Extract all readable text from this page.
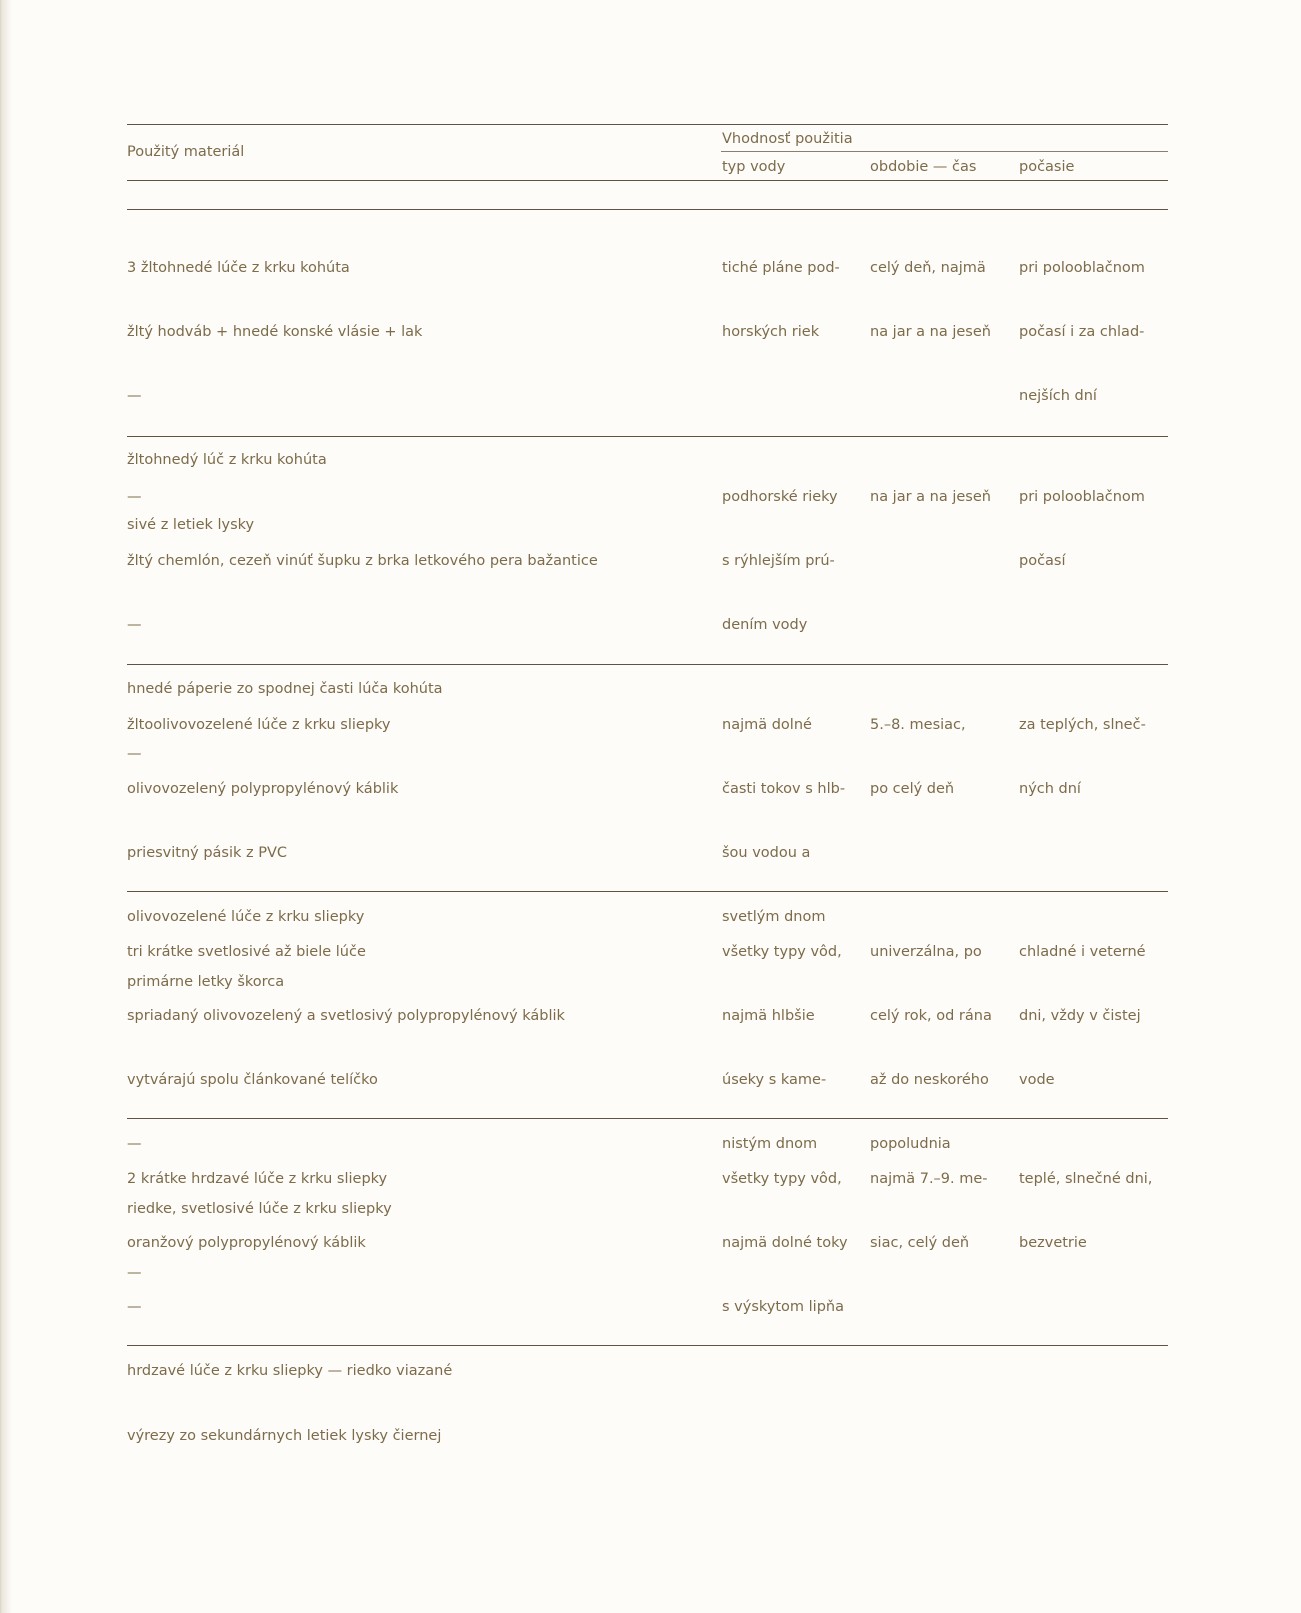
Použitý materiál
Vhodnosť použitia
typ vody	obdobie — čas	počasie

3 žltohnedé lúče z krku kohúta

žltý hodváb + hnedé konské vlásie + lak

—

žltohnedý lúč z krku kohúta

sivé z letiek lysky

tiché pláne pod-

horských riek

celý deň, najmä

na jar a na jeseň

pri polooblačnom

počasí i za chlad-

nejších dní

—

žltý chemlón, cezeň vinúť šupku z brka letkového pera bažantice

—

hnedé páperie zo spodnej časti lúča kohúta

—

podhorské rieky

s rýhlejším prú-

dením vody

na jar a na jeseň

pri polooblačnom

počasí

žltoolivovozelené lúče z krku sliepky

olivovozelený polypropylénový káblik

priesvitný pásik z PVC

olivovozelené lúče z krku sliepky

primárne letky škorca

najmä dolné

časti tokov s hlb-

šou vodou a

svetlým dnom

5.–8. mesiac,

po celý deň

za teplých, slneč-

ných dní

tri krátke svetlosivé až biele lúče

spriadaný olivovozelený a svetlosivý polypropylénový káblik

vytvárajú spolu článkované telíčko

—

riedke, svetlosivé lúče z krku sliepky

—

všetky typy vôd,

najmä hlbšie

úseky s kame-

nistým dnom

univerzálna, po

celý rok, od rána

až do neskorého

popoludnia

chladné i veterné

dni, vždy v čistej

vode

2 krátke hrdzavé lúče z krku sliepky

oranžový polypropylénový káblik

—

hrdzavé lúče z krku sliepky — riedko viazané

výrezy zo sekundárnych letiek lysky čiernej

všetky typy vôd,

najmä dolné toky

s výskytom lipňa

najmä 7.–9. me-

siac, celý deň

teplé, slnečné dni,

bezvetrie
